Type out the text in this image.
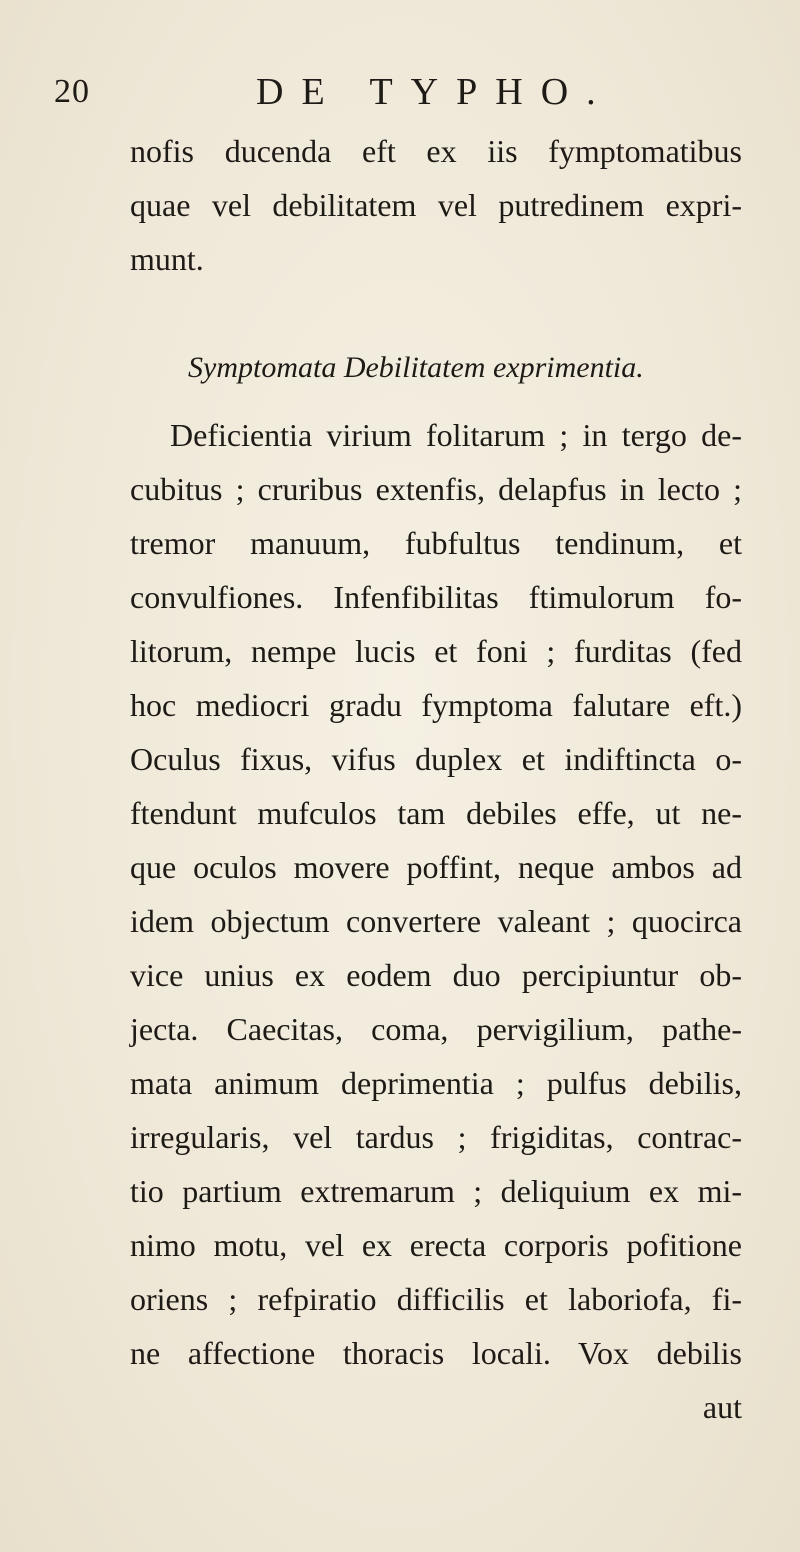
20	DE TYPHO.
nofis ducenda eft ex iis fymptomatibus
quae vel debilitatem vel putredinem expri-
munt.
Symptomata Debilitatem exprimentia.
Deficientia virium folitarum ; in tergo de-
cubitus ; cruribus extenfis, delapfus in lecto ;
tremor manuum, fubfultus tendinum, et
convulfiones. Infenfibilitas ftimulorum fo-
litorum, nempe lucis et foni ; furditas (fed
hoc mediocri gradu fymptoma falutare eft.)
Oculus fixus, vifus duplex et indiftincta o-
ftendunt mufculos tam debiles effe, ut ne-
que oculos movere poffint, neque ambos ad
idem objectum convertere valeant ; quocirca
vice unius ex eodem duo percipiuntur ob-
jecta. Caecitas, coma, pervigilium, pathe-
mata animum deprimentia ; pulfus debilis,
irregularis, vel tardus ; frigiditas, contrac-
tio partium extremarum ; deliquium ex mi-
nimo motu, vel ex erecta corporis pofitione
oriens ; refpiratio difficilis et laboriofa, fi-
ne affectione thoracis locali. Vox debilis
aut
